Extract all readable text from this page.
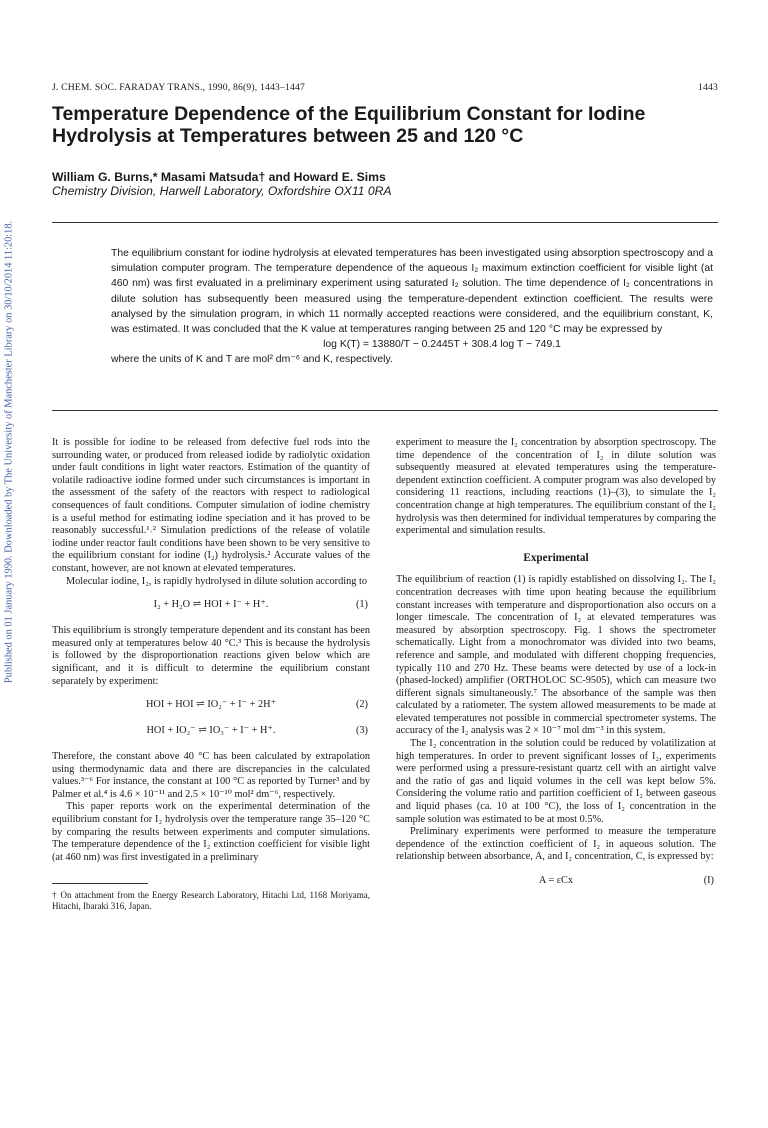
Published on 01 January 1990. Downloaded by The University of Manchester Library on 30/10/2014 11:20:18.
J. CHEM. SOC. FARADAY TRANS., 1990, 86(9), 1443–1447	1443
Temperature Dependence of the Equilibrium Constant for Iodine Hydrolysis at Temperatures between 25 and 120 °C
William G. Burns,* Masami Matsuda† and Howard E. Sims
Chemistry Division, Harwell Laboratory, Oxfordshire OX11 0RA

The equilibrium constant for iodine hydrolysis at elevated temperatures has been investigated using absorption spectroscopy and a simulation computer program. The temperature dependence of the aqueous I₂ maximum extinction coefficient for visible light (at 460 nm) was first evaluated in a preliminary experiment using saturated I₂ solution. The time dependence of I₂ concentrations in dilute solution has subsequently been measured using the temperature-dependent extinction coefficient. The results were analysed by the simulation program, in which 11 normally accepted reactions were considered, and the equilibrium constant, K, was estimated. It was concluded that the K value at temperatures ranging between 25 and 120 °C may be expressed by

log K(T) = 13880/T − 0.2445T + 308.4 log T − 749.1

where the units of K and T are mol² dm⁻⁶ and K, respectively.

It is possible for iodine to be released from defective fuel rods into the surrounding water, or produced from released iodide by radiolytic oxidation under fault conditions in light water reactors. Estimation of the quantity of volatile radioactive iodine formed under such circumstances is important in the assessment of the safety of the reactors with respect to radiological consequences of fault conditions. Computer simulation of iodine chemistry is a useful method for estimating iodine speciation and it has proved to be reasonably successful.¹˒² Simulation predictions of the release of volatile iodine under reactor fault conditions have been shown to be very sensitive to the equilibrium constant for iodine (I₂) hydrolysis.² Accurate values of the constant, however, are not known at elevated temperatures.

Molecular iodine, I₂, is rapidly hydrolysed in dilute solution according to

I₂ + H₂O ⇌ HOI + I⁻ + H⁺.	(1)

This equilibrium is strongly temperature dependent and its constant has been measured only at temperatures below 40 °C.³ This is because the hydrolysis is followed by the disproportionation reactions given below which are significant, and it is difficult to determine the equilibrium constant separately by experiment:

HOI + HOI ⇌ IO₂⁻ + I⁻ + 2H⁺	(2)
HOI + IO₂⁻ ⇌ IO₃⁻ + I⁻ + H⁺.	(3)

Therefore, the constant above 40 °C has been calculated by extrapolation using thermodynamic data and there are discrepancies in the calculated values.³⁻⁶ For instance, the constant at 100 °C as reported by Turner³ and by Palmer et al.⁴ is 4.6 × 10⁻¹¹ and 2.5 × 10⁻¹⁰ mol² dm⁻⁶, respectively.

This paper reports work on the experimental determination of the equilibrium constant for I₂ hydrolysis over the temperature range 35–120 °C by comparing the results between experiments and computer simulations. The temperature dependence of the I₂ extinction coefficient for visible light (at 460 nm) was first investigated in a preliminary

† On attachment from the Energy Research Laboratory, Hitachi Ltd, 1168 Moriyama, Hitachi, Ibaraki 316, Japan.

experiment to measure the I₂ concentration by absorption spectroscopy. The time dependence of the concentration of I₂ in dilute solution was subsequently measured at elevated temperatures using the temperature-dependent extinction coefficient. A computer program was also developed by considering 11 reactions, including reactions (1)–(3), to simulate the I₂ concentration change at high temperatures. The equilibrium constant of the I₂ hydrolysis was then determined for individual temperatures by comparing the experimental and simulation results.

Experimental

The equilibrium of reaction (1) is rapidly established on dissolving I₂. The I₂ concentration decreases with time upon heating because the equilibrium constant increases with temperature and disproportionation also occurs on a longer timescale. The concentration of I₂ at elevated temperatures was measured by absorption spectroscopy. Fig. 1 shows the spectrometer schematically. Light from a monochromator was divided into two beams, reference and sample, and modulated with different chopping frequencies, typically 110 and 270 Hz. These beams were detected by use of a lock-in (phased-locked) amplifier (ORTHOLOC SC-9505), which can measure two different signals simultaneously.⁷ The absorbance of the sample was then calculated by a ratiometer. The system allowed measurements to be made at elevated temperatures not possible in commercial spectrometer systems. The accuracy of the I₂ analysis was 2 × 10⁻⁷ mol dm⁻³ in this system.

The I₂ concentration in the solution could be reduced by volatilization at high temperatures. In order to prevent significant losses of I₂, experiments were performed using a pressure-resistant quartz cell with an airtight valve and the ratio of gas and liquid volumes in the cell was kept below 5%. Considering the volume ratio and partition coefficient of I₂ between gaseous and liquid phases (ca. 10 at 100 °C), the loss of I₂ concentration in the sample solution was estimated to be at most 0.5%.

Preliminary experiments were performed to measure the temperature dependence of the extinction coefficient of I₂ in aqueous solution. The relationship between absorbance, A, and I₂ concentration, C, is expressed by:

A = εCx	(I)
